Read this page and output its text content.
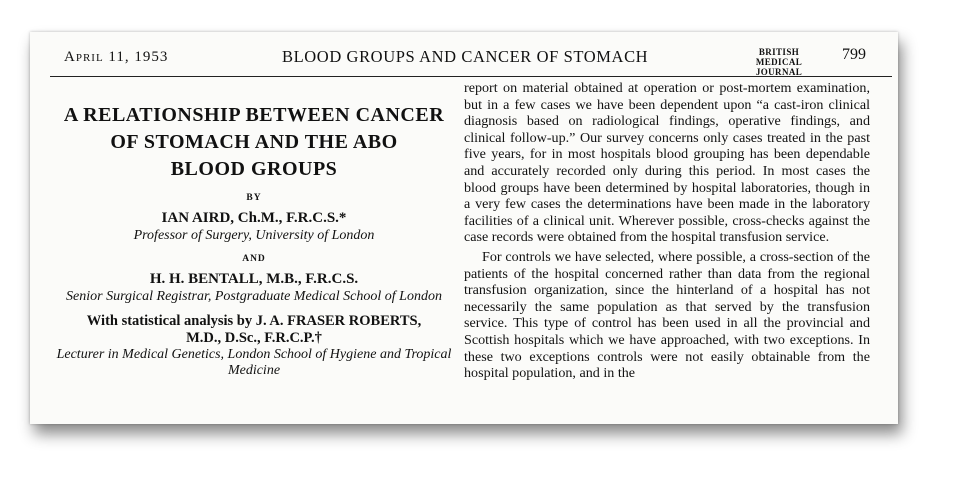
April 11, 1953	BLOOD GROUPS AND CANCER OF STOMACH	BRITISH
MEDICAL JOURNAL
799
A RELATIONSHIP BETWEEN CANCER
OF STOMACH AND THE ABO
BLOOD GROUPS
BY
IAN AIRD, Ch.M., F.R.C.S.*
Professor of Surgery, University of London
AND
H. H. BENTALL, M.B., F.R.C.S.
Senior Surgical Registrar, Postgraduate Medical School of London
With statistical analysis by J. A. FRASER ROBERTS,
M.D., D.Sc., F.R.C.P.†
Lecturer in Medical Genetics, London School of Hygiene and Tropical Medicine

report on material obtained at operation or post-mortem examination, but in a few cases we have been dependent upon “a cast-iron clinical diagnosis based on radiological findings, operative findings, and clinical follow-up.” Our survey concerns only cases treated in the past five years, for in most hospitals blood grouping has been dependable and accurately recorded only during this period. In most cases the blood groups have been determined by hospital laboratories, though in a very few cases the determinations have been made in the laboratory facilities of a clinical unit. Wherever possible, cross-checks against the case records were obtained from the hospital transfusion service.

For controls we have selected, where possible, a cross-section of the patients of the hospital concerned rather than data from the regional transfusion organization, since the hinterland of a hospital has not necessarily the same population as that served by the transfusion service. This type of control has been used in all the provincial and Scottish hospitals which we have approached, with two exceptions. In these two exceptions controls were not easily obtainable from the hospital population, and in the
